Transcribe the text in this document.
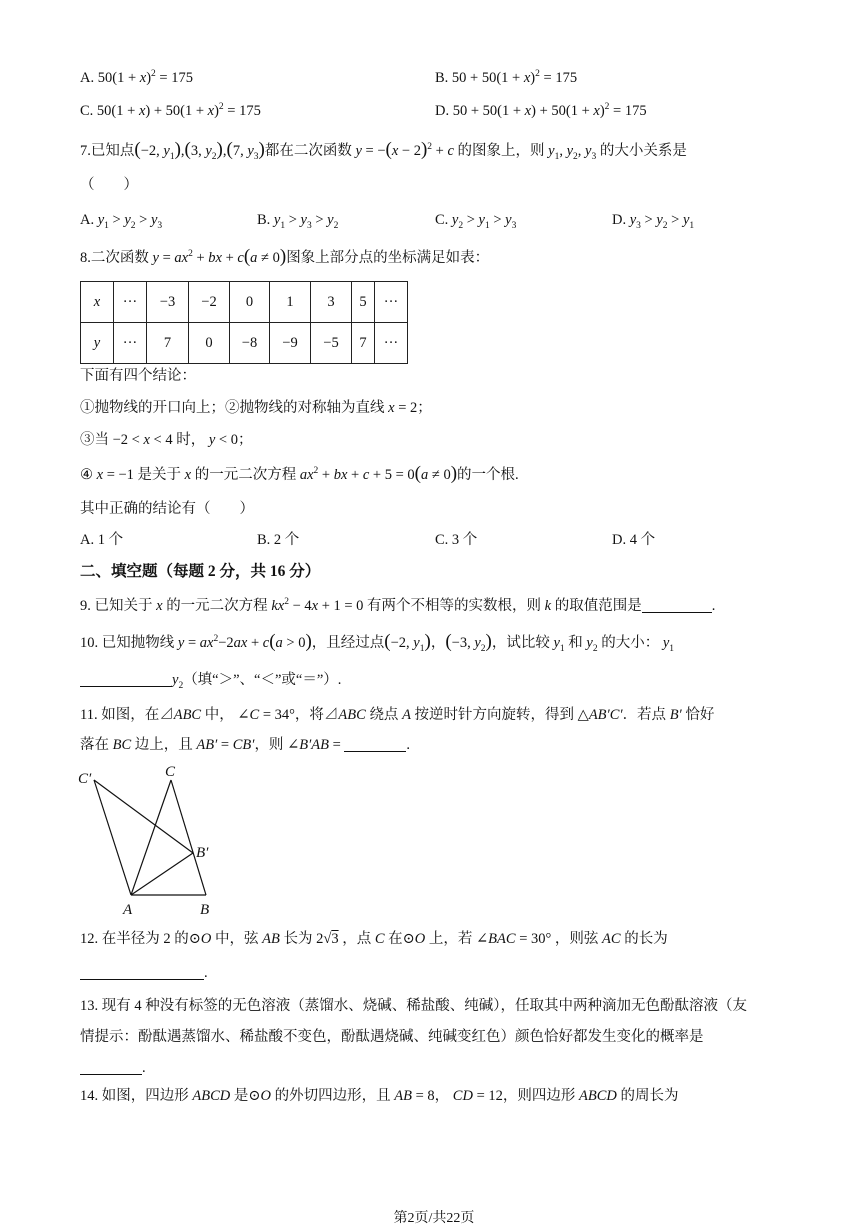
A. $50(1 + x)^2 = 175$	B. $50 + 50(1 + x)^2 = 175$
C. $50(1 + x) + 50(1 + x)^2 = 175$	D. $50 + 50(1 + x) + 50(1 + x)^2 = 175$
7.已知点(−2, $y_1),(3$, $y_2),(7$, $y_3$)都在二次函数 $y = -(x - 2)^2 + c$ 的图象上，则 $y_1$, $y_2$, $y_3$ 的大小关系是
（　　）
A. $y_1 > y_2 > y_3$	B. $y_1 > y_3 > y_2$	C. $y_2 > y_1 > y_3$	D. $y_3 > y_2 > y_1$
8.二次函数 $y = ax^2$ + bx + c(a ≠ 0)图象上部分点的坐标满足如表：
x	···	−3	−2	0	1	3	5	···
y	···	7	0	−8	−9	−5	7	···
下面有四个结论：
①抛物线的开口向上；②抛物线的对称轴为直线 x = 2；
③当 −2 < x < 4 时， y < 0；
④ x = −1 是关于 x 的一元二次方程 $ax^2$ + bx + c + 5 = 0(a ≠ 0)的一个根.
其中正确的结论有（　　）
A. 1 个	B. 2 个	C. 3 个	D. 4 个
二、填空题（每题 2 分，共 16 分）
9. 已知关于 x 的一元二次方程 $kx^2 - 4x + 1 = 0$ 有两个不相等的实数根，则 k 的取值范围是	.
10. 已知抛物线 $y = ax^2-2ax + c(a > 0)$，且经过点(−2, $y_1$)，(−3, $y_2$)，试比较 $y_1$ 和 $y_2$ 的大小： $y_1$
$y_2$（填“＞”、“＜”或“＝”）.
11. 如图，在⊿ABC 中， ∠C = 34°，将⊿ABC 绕点 A 按逆时针方向旋转，得到 △AB′C′．若点 B′ 恰好
落在 BC 边上，且 AB′ = CB′，则 ∠B′AB =	.
C′	C
B′
A	B
12. 在半径为 2 的⊙O 中，弦 AB 长为 2√3 ，点 C 在⊙O 上，若 ∠BAC = 30° ，则弦 AC 的长为
.
13. 现有 4 种没有标签的无色溶液（蒸馏水、烧碱、稀盐酸、纯碱），任取其中两种滴加无色酚酞溶液（友
情提示：酚酞遇蒸馏水、稀盐酸不变色，酚酞遇烧碱、纯碱变红色）颜色恰好都发生变化的概率是
.
14. 如图，四边形 ABCD 是⊙O 的外切四边形，且 AB = 8， CD = 12，则四边形 ABCD 的周长为
第2页/共22页
